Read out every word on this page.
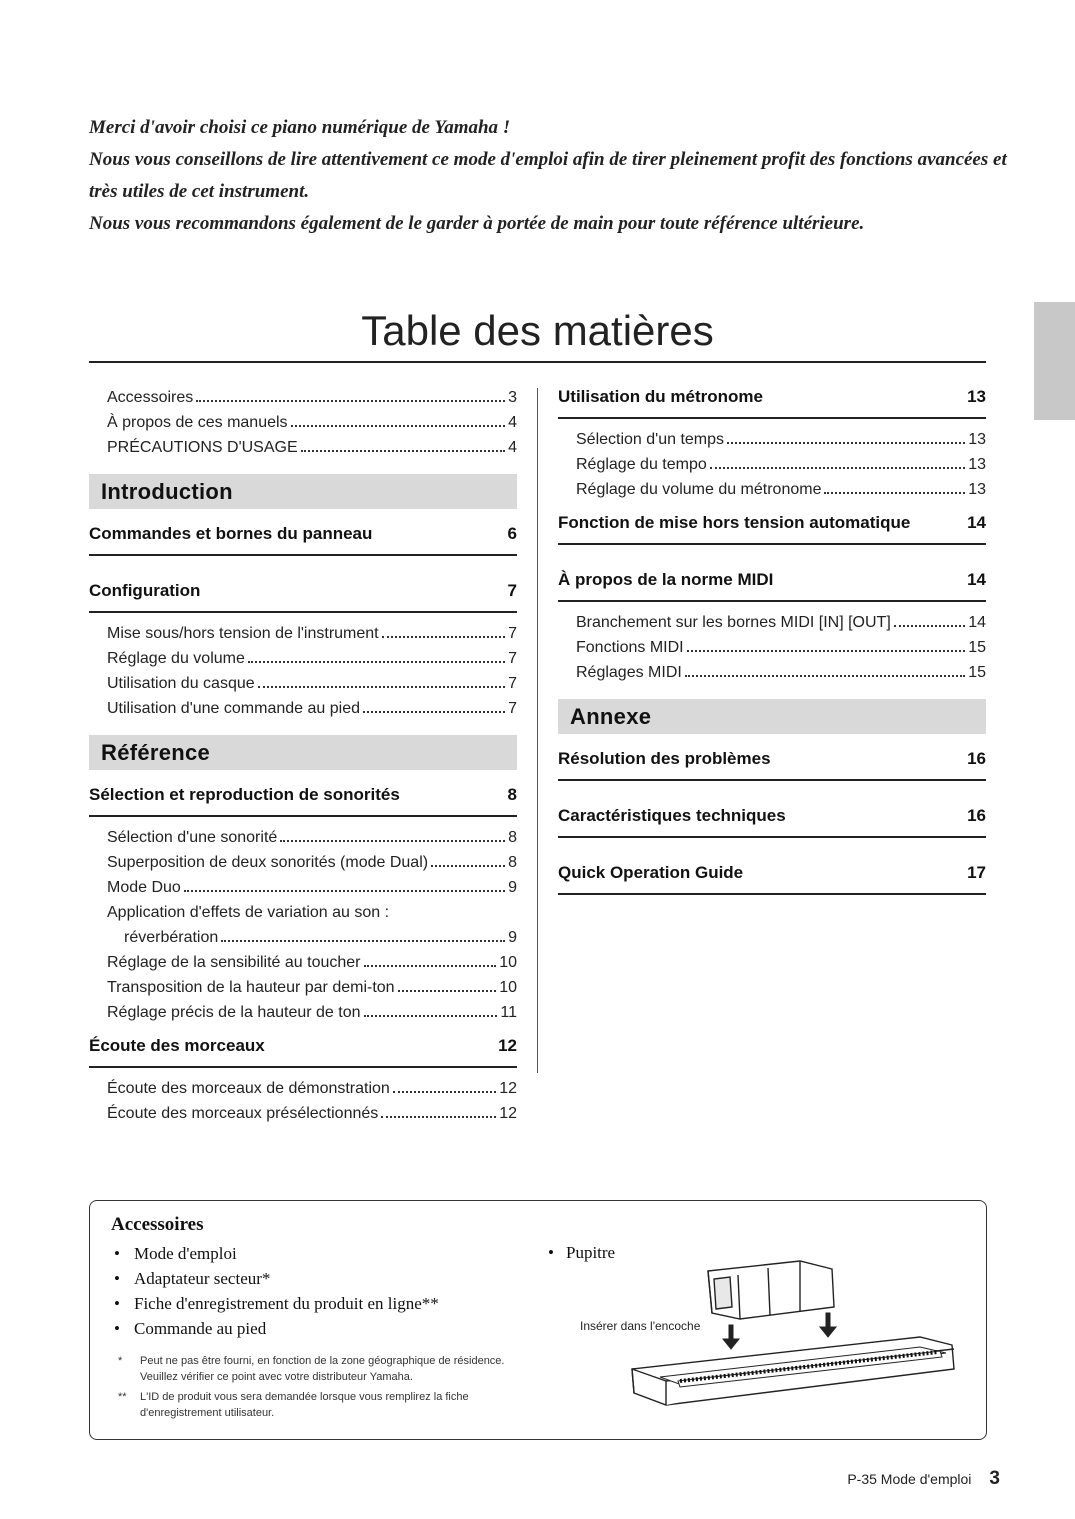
Merci d'avoir choisi ce piano numérique de Yamaha !

Nous vous conseillons de lire attentivement ce mode d'emploi afin de tirer pleinement profit des fonctions avancées et très utiles de cet instrument.

Nous vous recommandons également de le garder à portée de main pour toute référence ultérieure.

Table des matières
Accessoires	3
À propos de ces manuels	4
PRÉCAUTIONS D'USAGE	4
Introduction
Commandes et bornes du panneau	6
Configuration	7
Mise sous/hors tension de l'instrument	7
Réglage du volume	7
Utilisation du casque	7
Utilisation d'une commande au pied	7
Référence
Sélection et reproduction de sonorités	8
Sélection d'une sonorité	8
Superposition de deux sonorités (mode Dual)	8
Mode Duo	9
Application d'effets de variation au son :
réverbération	9
Réglage de la sensibilité au toucher	10
Transposition de la hauteur par demi-ton	10
Réglage précis de la hauteur de ton	11
Écoute des morceaux	12
Écoute des morceaux de démonstration	12
Écoute des morceaux présélectionnés	12
Utilisation du métronome	13
Sélection d'un temps	13
Réglage du tempo	13
Réglage du volume du métronome	13
Fonction de mise hors tension automatique	14
À propos de la norme MIDI	14
Branchement sur les bornes MIDI [IN] [OUT]	14
Fonctions MIDI	15
Réglages MIDI	15
Annexe
Résolution des problèmes	16
Caractéristiques techniques	16
Quick Operation Guide	17
Accessoires
• Mode d'emploi
• Adaptateur secteur*
• Fiche d'enregistrement du produit en ligne**
• Commande au pied
*	Peut ne pas être fourni, en fonction de la zone géographique de résidence. Veuillez vérifier ce point avec votre distributeur Yamaha.
**	L'ID de produit vous sera demandée lorsque vous remplirez la fiche d'enregistrement utilisateur.
• Pupitre
Insérer dans l'encoche
P-35 Mode d'emploi 3
